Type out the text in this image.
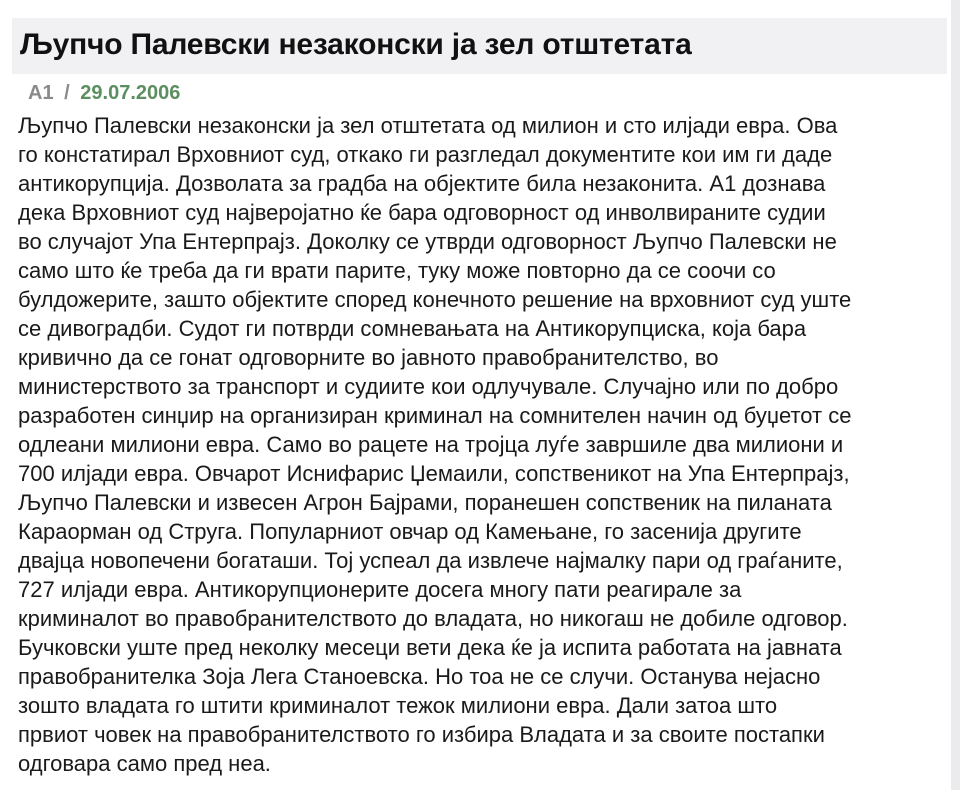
Љупчо Палевски незаконски ја зел отштетата
А1 / 29.07.2006
Љупчо Палевски незаконски ја зел отштетата од милион и сто илјади евра. Ова
го констатирал Врховниот суд, откако ги разгледал документите кои им ги даде
антикорупција. Дозволата за градба на објектите била незаконита. А1 дознава
дека Врховниот суд најверојатно ќе бара одговорност од инволвираните судии
во случајот Упа Ентерпрајз. Доколку се утврди одговорност Љупчо Палевски не
само што ќе треба да ги врати парите, туку може повторно да се соочи со
булдожерите, зашто објектите според конечното решение на врховниот суд уште
се дивоградби. Судот ги потврди сомневањата на Антикорупциска, која бара
кривично да се гонат одговорните во јавното правобранителство, во
министерството за транспорт и судиите кои одлучувале. Случајно или по добро
разработен синџир на организиран криминал на сомнителен начин од буџетот се
одлеани милиони евра. Само во рацете на тројца луѓе завршиле два милиони и
700 илјади евра. Овчарот Иснифарис Џемаили, сопственикот на Упа Ентерпрајз,
Љупчо Палевски и извесен Агрон Бајрами, поранешен сопственик на пиланата
Караорман од Струга. Популарниот овчар од Камењане, го засенија другите
двајца новопечени богаташи. Тој успеал да извлече најмалку пари од граѓаните,
727 илјади евра. Антикорупционерите досега многу пати реагирале за
криминалот во правобранителството до владата, но никогаш не добиле одговор.
Бучковски уште пред неколку месеци вети дека ќе ја испита работата на јавната
правобранителка Зоја Лега Станоевска. Но тоа не се случи. Останува нејасно
зошто владата го штити криминалот тежок милиони евра. Дали затоа што
првиот човек на правобранителството го избира Владата и за своите постапки
одговара само пред неа.
